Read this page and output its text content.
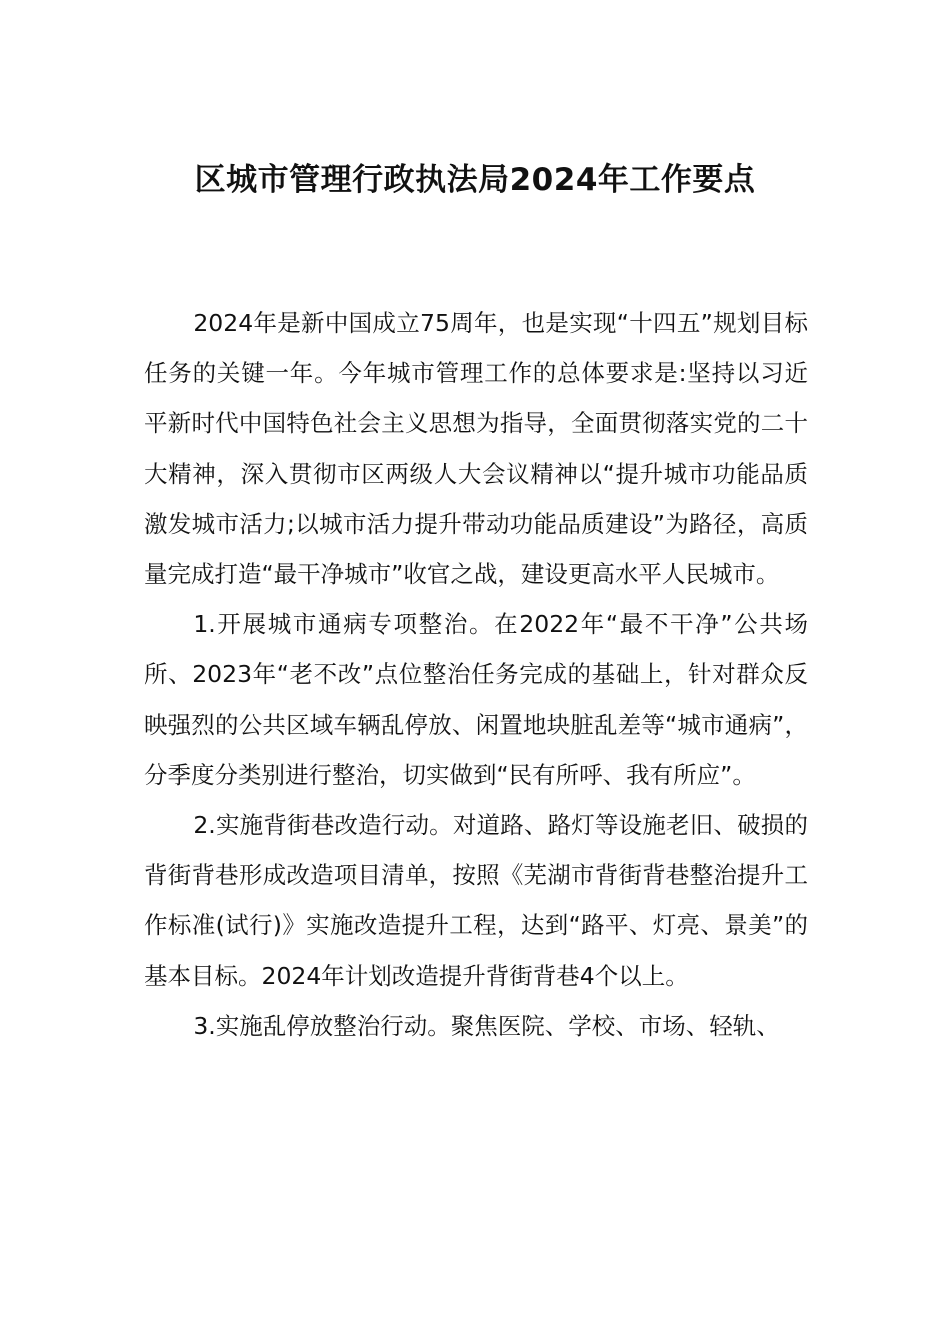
区城市管理行政执法局2024年工作要点

2024年是新中国成立75周年，也是实现“十四五”规划目标任务的关键一年。今年城市管理工作的总体要求是:坚持以习近平新时代中国特色社会主义思想为指导，全面贯彻落实党的二十大精神，深入贯彻市区两级人大会议精神以“提升城市功能品质激发城市活力;以城市活力提升带动功能品质建设”为路径，高质量完成打造“最干净城市”收官之战，建设更高水平人民城市。

1.开展城市通病专项整治。在2022年“最不干净”公共场所、2023年“老不改”点位整治任务完成的基础上，针对群众反映强烈的公共区域车辆乱停放、闲置地块脏乱差等“城市通病”，分季度分类别进行整治，切实做到“民有所呼、我有所应”。

2.实施背街巷改造行动。对道路、路灯等设施老旧、破损的背街背巷形成改造项目清单，按照《芜湖市背街背巷整治提升工作标准(试行)》实施改造提升工程，达到“路平、灯亮、景美”的基本目标。2024年计划改造提升背街背巷4个以上。

3.实施乱停放整治行动。聚焦医院、学校、市场、轻轨、
